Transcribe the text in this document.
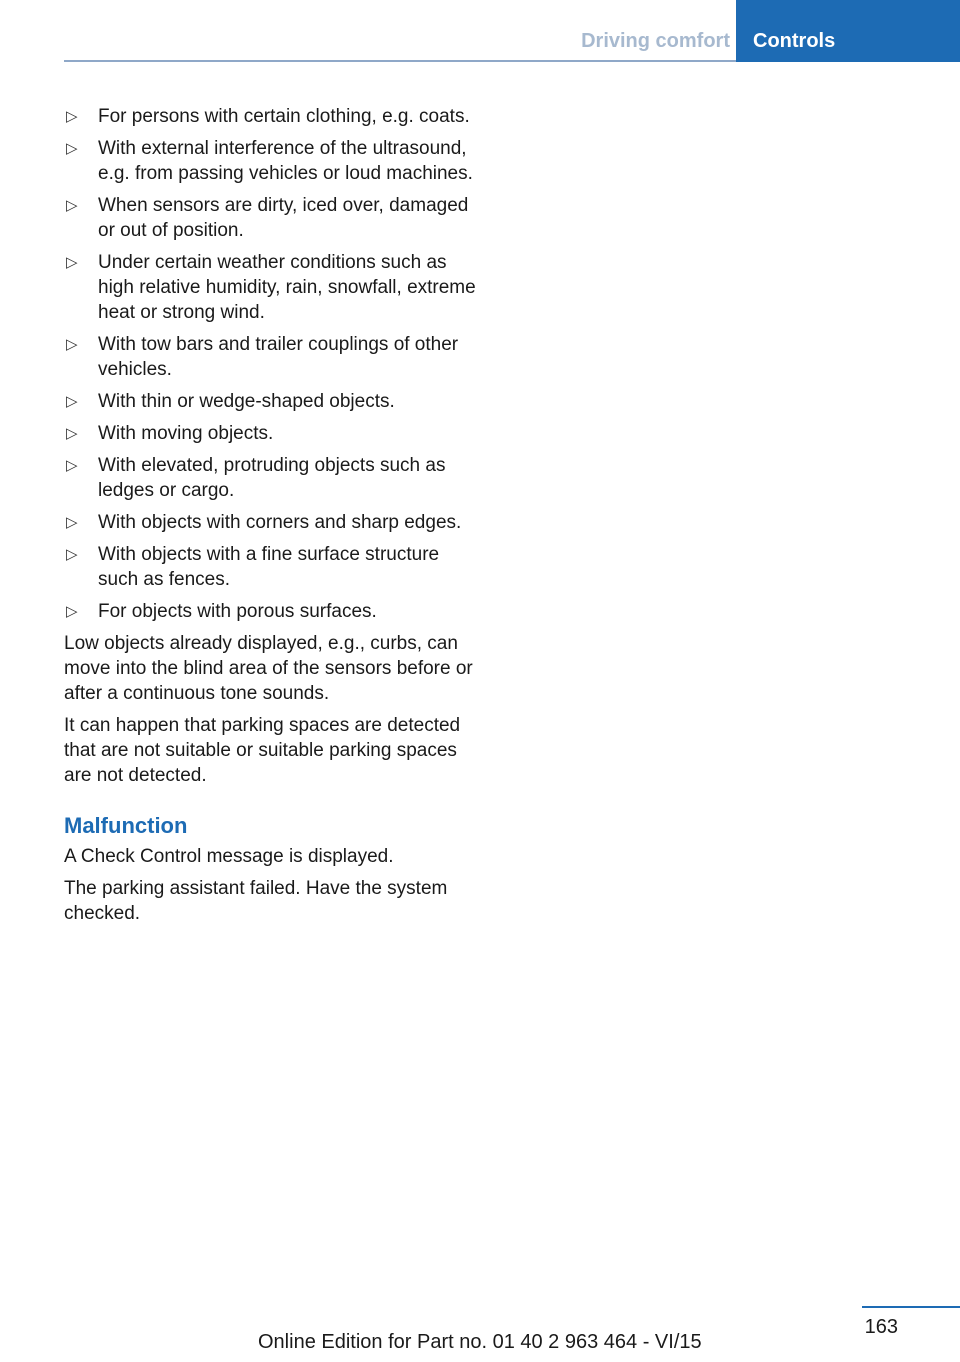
Driving comfort Controls
▷ For persons with certain clothing, e.g. coats.
▷ With external interference of the ultrasound, e.g. from passing vehicles or loud machines.
▷ When sensors are dirty, iced over, damaged or out of position.
▷ Under certain weather conditions such as high relative humidity, rain, snowfall, extreme heat or strong wind.
▷ With tow bars and trailer couplings of other vehicles.
▷ With thin or wedge-shaped objects.
▷ With moving objects.
▷ With elevated, protruding objects such as ledges or cargo.
▷ With objects with corners and sharp edges.
▷ With objects with a fine surface structure such as fences.
▷ For objects with porous surfaces.

Low objects already displayed, e.g., curbs, can move into the blind area of the sensors before or after a continuous tone sounds.

It can happen that parking spaces are detected that are not suitable or suitable parking spaces are not detected.

Malfunction

A Check Control message is displayed.

The parking assistant failed. Have the system checked.

163
Online Edition for Part no. 01 40 2 963 464 - VI/15
